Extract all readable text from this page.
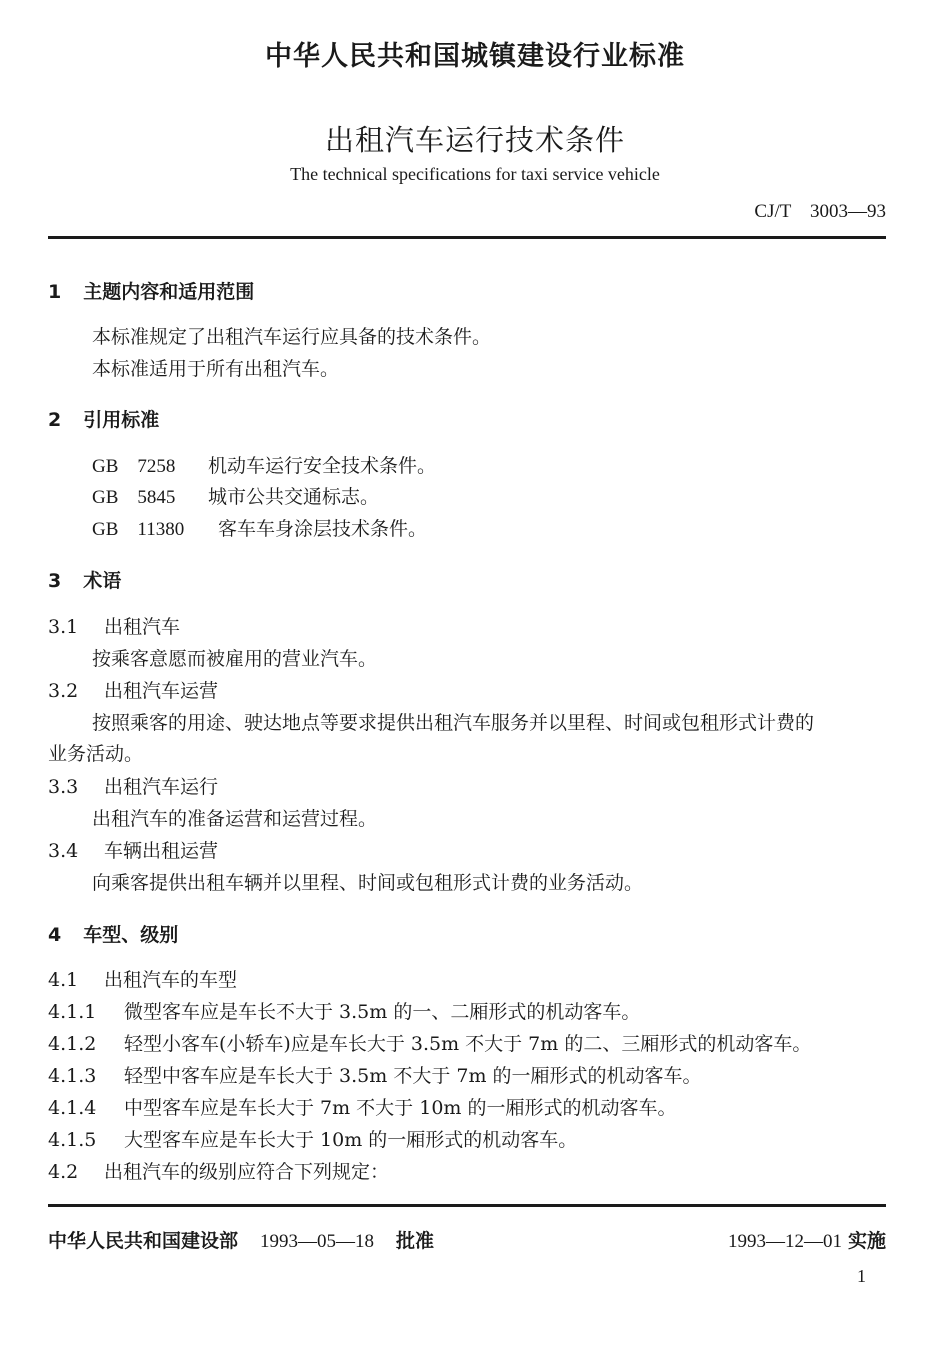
中华人民共和国城镇建设行业标准
出租汽车运行技术条件
The technical specifications for taxi service vehicle
CJ/T　3003—93
1 主题内容和适用范围
本标准规定了出租汽车运行应具备的技术条件。
本标准适用于所有出租汽车。
2 引用标准
GB　7258 机动车运行安全技术条件。
GB　5845 城市公共交通标志。
GB　11380 客车车身涂层技术条件。
3 术语
3.1 出租汽车
按乘客意愿而被雇用的营业汽车。
3.2 出租汽车运营
按照乘客的用途、驶达地点等要求提供出租汽车服务并以里程、时间或包租形式计费的
业务活动。
3.3 出租汽车运行
出租汽车的准备运营和运营过程。
3.4 车辆出租运营
向乘客提供出租车辆并以里程、时间或包租形式计费的业务活动。
4 车型、级别
4.1 出租汽车的车型
4.1.1 微型客车应是车长不大于 3.5m 的一、二厢形式的机动客车。
4.1.2 轻型小客车(小轿车)应是车长大于 3.5m 不大于 7m 的二、三厢形式的机动客车。
4.1.3 轻型中客车应是车长大于 3.5m 不大于 7m 的一厢形式的机动客车。
4.1.4 中型客车应是车长大于 7m 不大于 10m 的一厢形式的机动客车。
4.1.5 大型客车应是车长大于 10m 的一厢形式的机动客车。
4.2 出租汽车的级别应符合下列规定：
中华人民共和国建设部 1993—05—18 批准	1993—12—01 实施
1
